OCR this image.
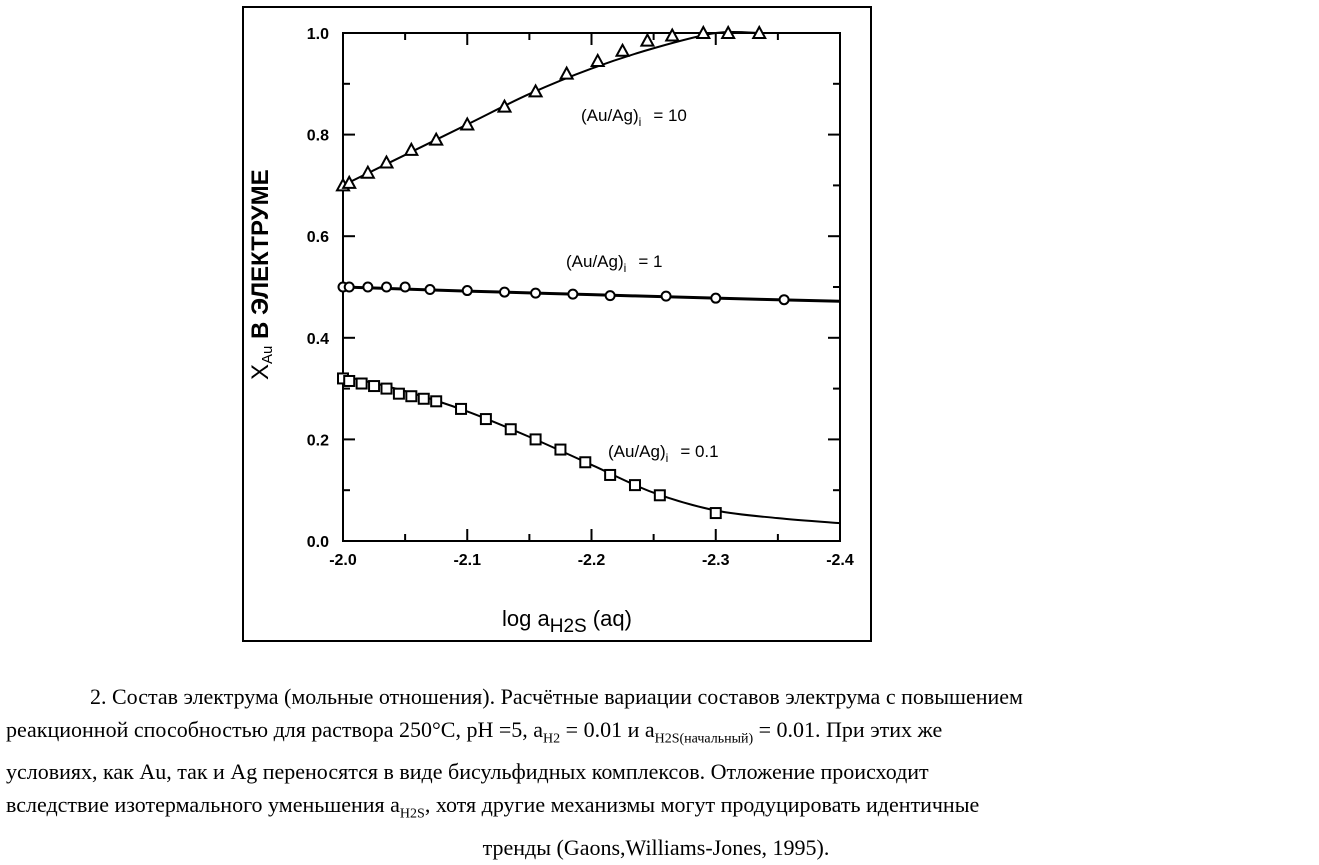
-2.0	-2.1	-2.2	-2.3	-2.4
0.0
0.2
0.4
0.6
0.8
1.0
$(Au/Ag)_i = 10$
$(Au/Ag)_i = 1$
$(Au/Ag)_i = 0.1$
log aH2S (aq)
XAu В ЭЛЕКТРУМЕ
2. Состав электрума (мольные отношения). Расчётные вариации составов электрума с повышением
реакционной способностью для раствора 250°С, pH =5, $a_{H2} = 0.01$ и $a_{H2S(начальный)} = 0.01$. При этих же
условиях, как Au, так и Ag переносятся в виде бисульфидных комплексов. Отложение происходит
вследствие изотермального уменьшения $a_{H2S}$, хотя другие механизмы могут продуцировать идентичные
тренды (Gaons,Williams-Jones, 1995).
